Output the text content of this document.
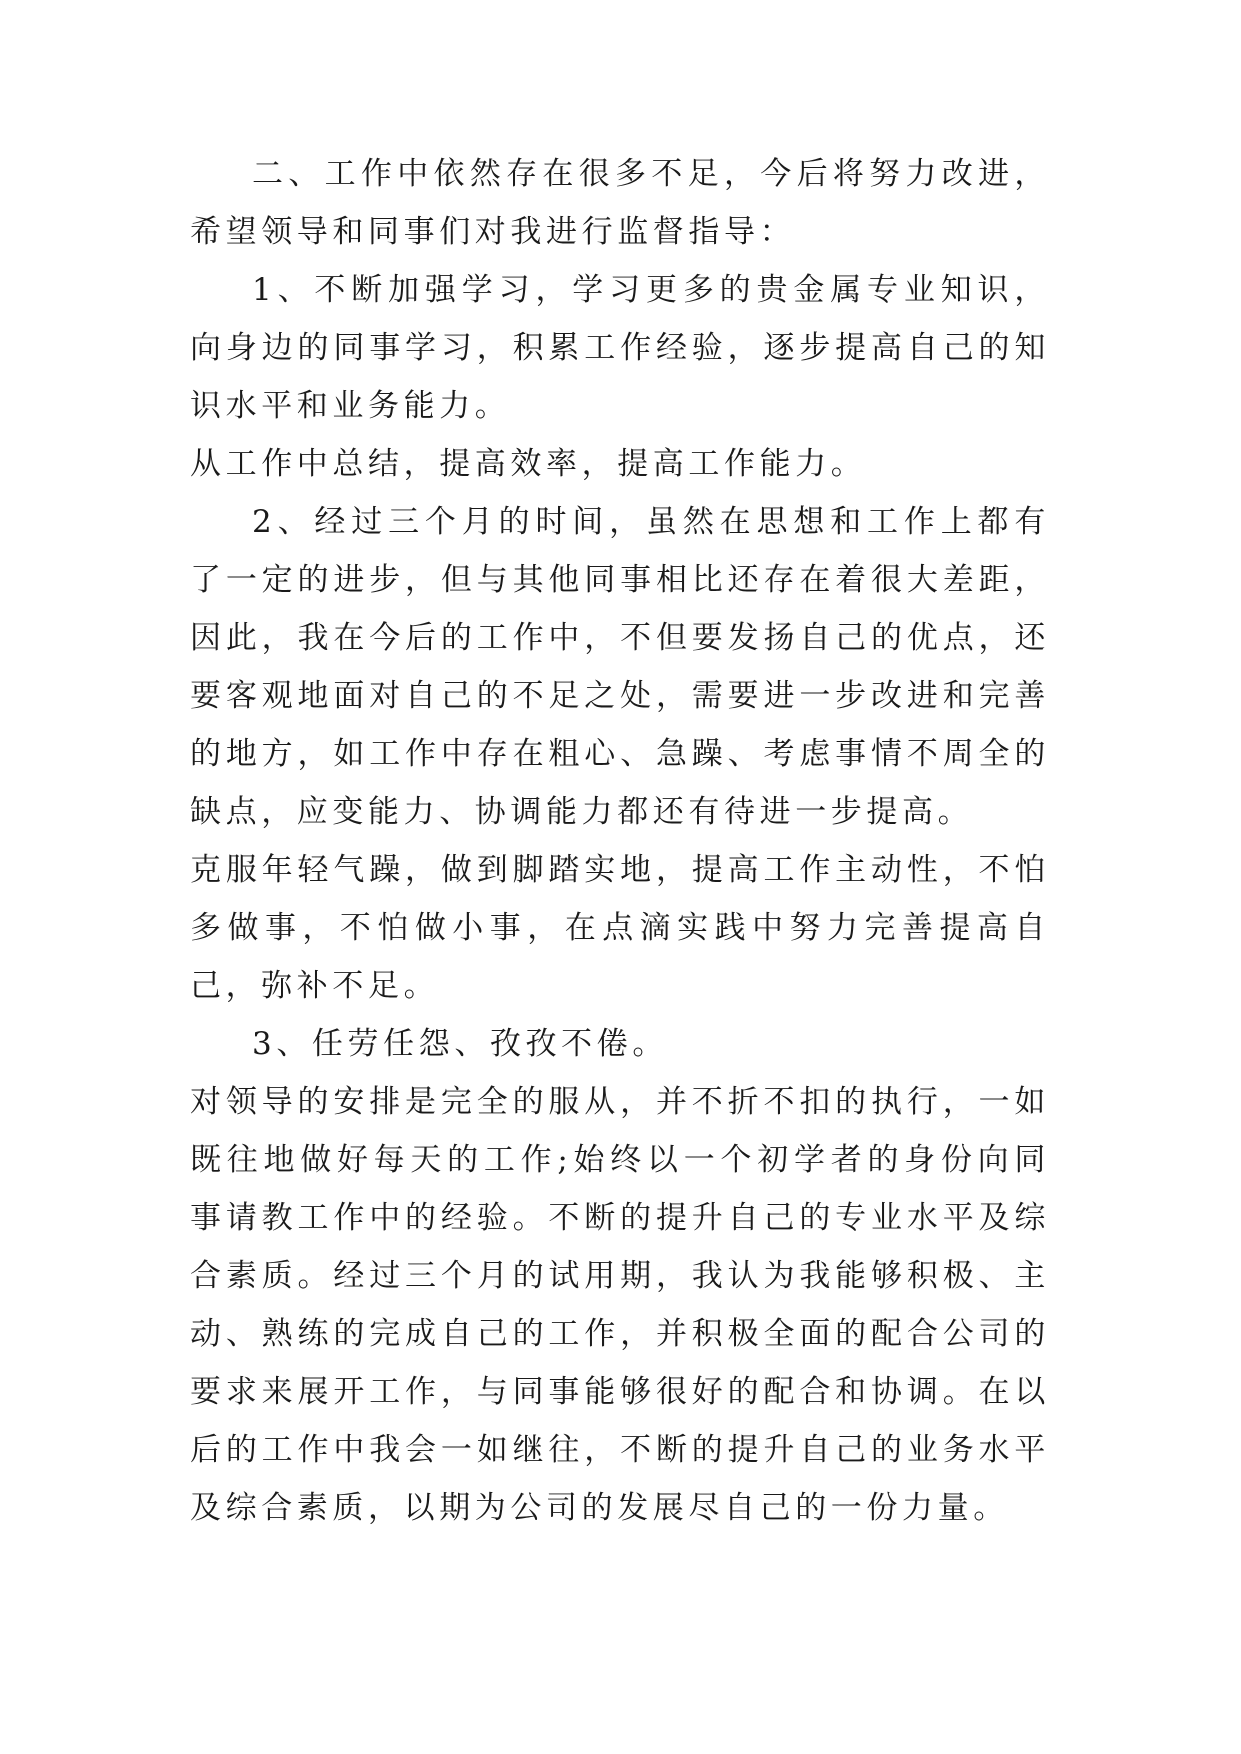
二、工作中依然存在很多不足，今后将努力改进，希望领导和同事们对我进行监督指导：

1、不断加强学习，学习更多的贵金属专业知识，向身边的同事学习，积累工作经验，逐步提高自己的知识水平和业务能力。

从工作中总结，提高效率，提高工作能力。

2、经过三个月的时间，虽然在思想和工作上都有了一定的进步，但与其他同事相比还存在着很大差距，因此，我在今后的工作中，不但要发扬自己的优点，还要客观地面对自己的不足之处，需要进一步改进和完善的地方，如工作中存在粗心、急躁、考虑事情不周全的缺点，应变能力、协调能力都还有待进一步提高。

克服年轻气躁，做到脚踏实地，提高工作主动性，不怕多做事，不怕做小事，在点滴实践中努力完善提高自己，弥补不足。

3、任劳任怨、孜孜不倦。

对领导的安排是完全的服从，并不折不扣的执行，一如既往地做好每天的工作;始终以一个初学者的身份向同事请教工作中的经验。不断的提升自己的专业水平及综合素质。经过三个月的试用期，我认为我能够积极、主动、熟练的完成自己的工作，并积极全面的配合公司的要求来展开工作，与同事能够很好的配合和协调。在以后的工作中我会一如继往，不断的提升自己的业务水平及综合素质，以期为公司的发展尽自己的一份力量。
